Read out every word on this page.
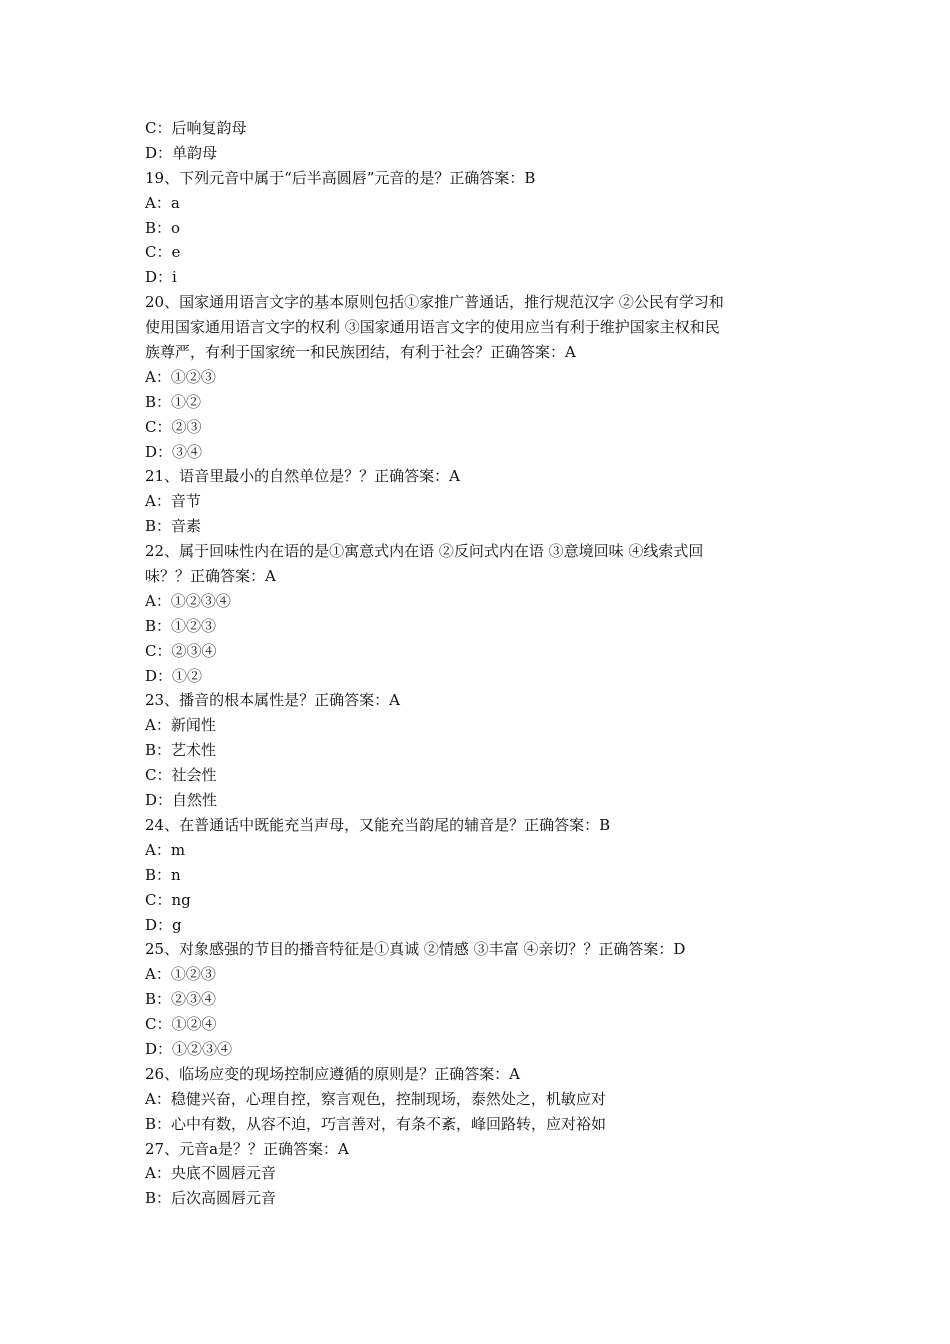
C：后响复韵母
D：单韵母
19、下列元音中属于“后半高圆唇”元音的是？正确答案：B
A：a
B：o
C：e
D：i
20、国家通用语言文字的基本原则包括①家推广普通话，推行规范汉字 ②公民有学习和
使用国家通用语言文字的权利 ③国家通用语言文字的使用应当有利于维护国家主权和民
族尊严，有利于国家统一和民族团结，有利于社会？正确答案：A
A：①②③
B：①②
C：②③
D：③④
21、语音里最小的自然单位是？？正确答案：A
A：音节
B：音素
22、属于回味性内在语的是①寓意式内在语 ②反问式内在语 ③意境回味 ④线索式回
味？？正确答案：A
A：①②③④
B：①②③
C：②③④
D：①②
23、播音的根本属性是？正确答案：A
A：新闻性
B：艺术性
C：社会性
D：自然性
24、在普通话中既能充当声母，又能充当韵尾的辅音是？正确答案：B
A：m
B：n
C：ng
D：g
25、对象感强的节目的播音特征是①真诚 ②情感 ③丰富 ④亲切？？正确答案：D
A：①②③
B：②③④
C：①②④
D：①②③④
26、临场应变的现场控制应遵循的原则是？正确答案：A
A：稳健兴奋，心理自控，察言观色，控制现场，泰然处之，机敏应对
B：心中有数，从容不迫，巧言善对，有条不紊，峰回路转，应对裕如
27、元音a是？？正确答案：A
A：央底不圆唇元音
B：后次高圆唇元音
